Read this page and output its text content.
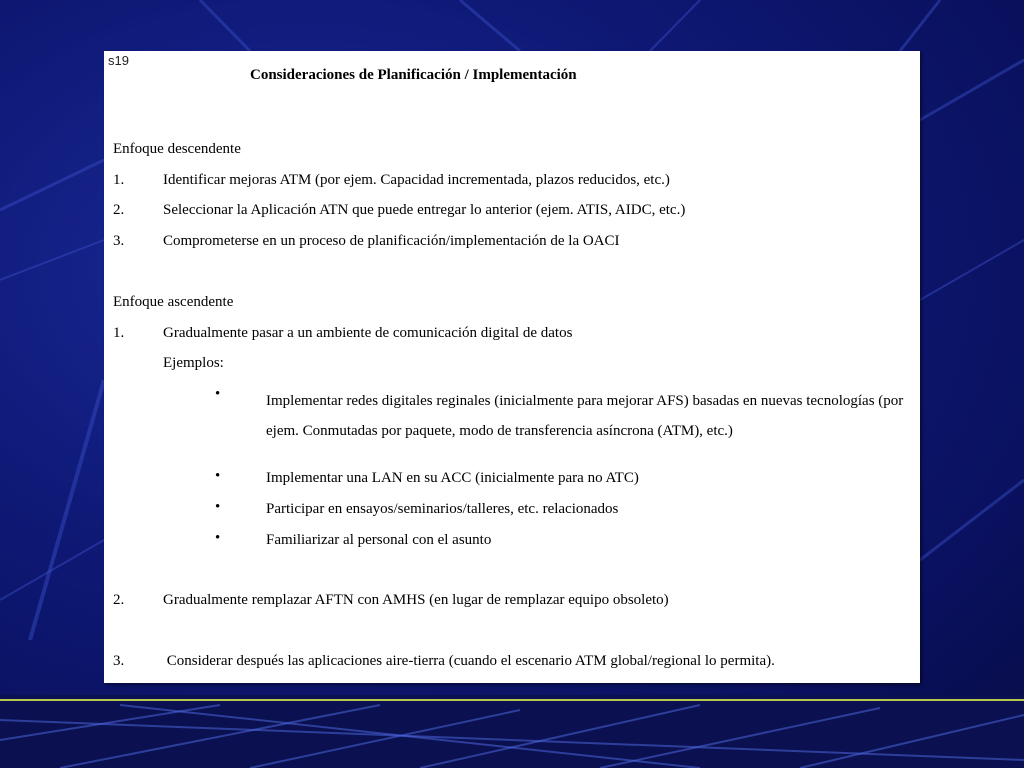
s19
Consideraciones de Planificación / Implementación
Enfoque descendente
1.	Identificar mejoras ATM (por ejem. Capacidad incrementada, plazos reducidos, etc.)
2.	Seleccionar la Aplicación ATN que puede entregar lo anterior (ejem. ATIS, AIDC, etc.)
3.	Comprometerse en un proceso de planificación/implementación de la OACI
Enfoque ascendente
1.	Gradualmente pasar a un ambiente de comunicación digital de datos
Ejemplos:
•	Implementar redes digitales reginales (inicialmente para mejorar AFS) basadas en nuevas tecnologías (por ejem. Conmutadas por paquete, modo de transferencia asíncrona (ATM), etc.)
•	Implementar una LAN en su ACC (inicialmente para no ATC)
•	Participar en ensayos/seminarios/talleres, etc. relacionados
•	Familiarizar al personal con el asunto
2.	Gradualmente remplazar AFTN con AMHS (en lugar de remplazar equipo obsoleto)
3.	Considerar después las aplicaciones aire-tierra (cuando el escenario ATM global/regional lo permita).
